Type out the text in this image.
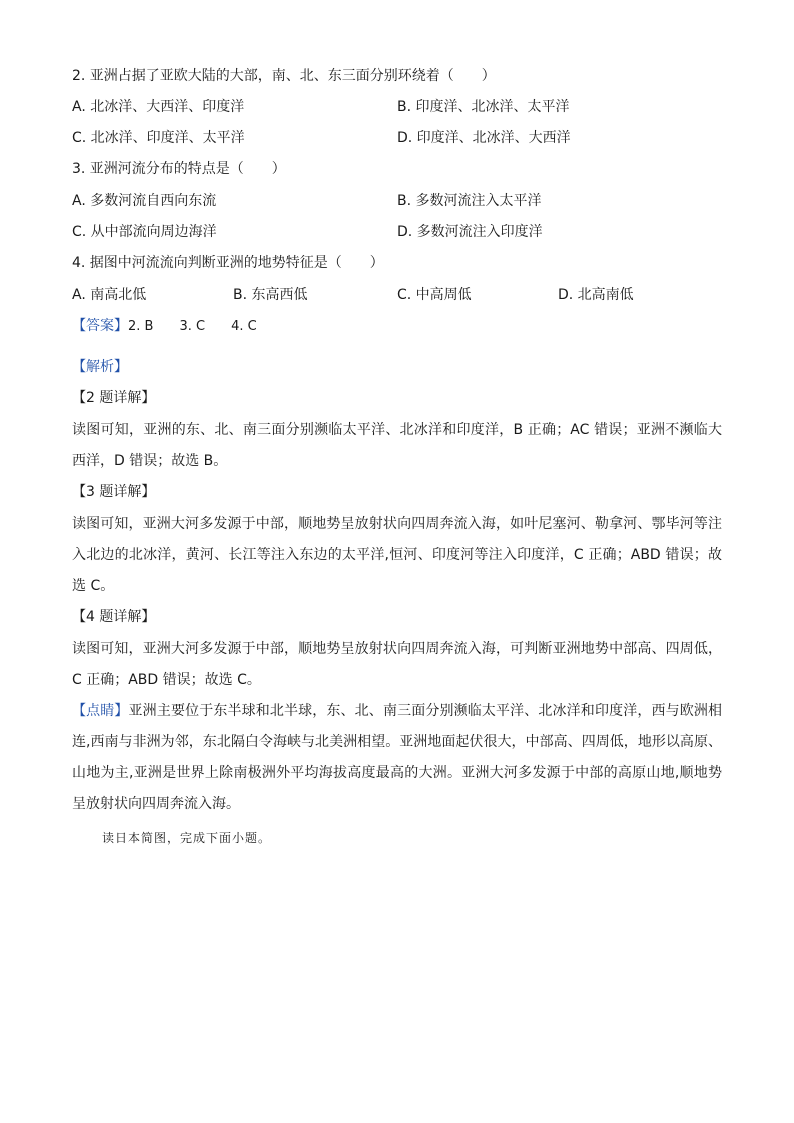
2. 亚洲占据了亚欧大陆的大部，南、北、东三面分别环绕着（　　）
A. 北冰洋、大西洋、印度洋	B. 印度洋、北冰洋、太平洋
C. 北冰洋、印度洋、太平洋	D. 印度洋、北冰洋、大西洋
3. 亚洲河流分布的特点是（　　）
A. 多数河流自西向东流	B. 多数河流注入太平洋
C. 从中部流向周边海洋	D. 多数河流注入印度洋
4. 据图中河流流向判断亚洲的地势特征是（　　）
A. 南高北低	B. 东高西低	C. 中高周低	D. 北高南低
【答案】2. B　　3. C　　4. C
【解析】
【2 题详解】
读图可知，亚洲的东、北、南三面分别濒临太平洋、北冰洋和印度洋，B 正确；AC 错误；亚洲不濒临大西洋，D 错误；故选 B。
【3 题详解】
读图可知，亚洲大河多发源于中部，顺地势呈放射状向四周奔流入海，如叶尼塞河、勒拿河、鄂毕河等注入北边的北冰洋，黄河、长江等注入东边的太平洋,恒河、印度河等注入印度洋，C 正确；ABD 错误；故选 C。
【4 题详解】
读图可知，亚洲大河多发源于中部，顺地势呈放射状向四周奔流入海，可判断亚洲地势中部高、四周低，C 正确；ABD 错误；故选 C。
【点睛】亚洲主要位于东半球和北半球，东、北、南三面分别濒临太平洋、北冰洋和印度洋，西与欧洲相连,西南与非洲为邻，东北隔白令海峡与北美洲相望。亚洲地面起伏很大，中部高、四周低，地形以高原、山地为主,亚洲是世界上除南极洲外平均海拔高度最高的大洲。亚洲大河多发源于中部的高原山地,顺地势呈放射状向四周奔流入海。
读日本简图，完成下面小题。
